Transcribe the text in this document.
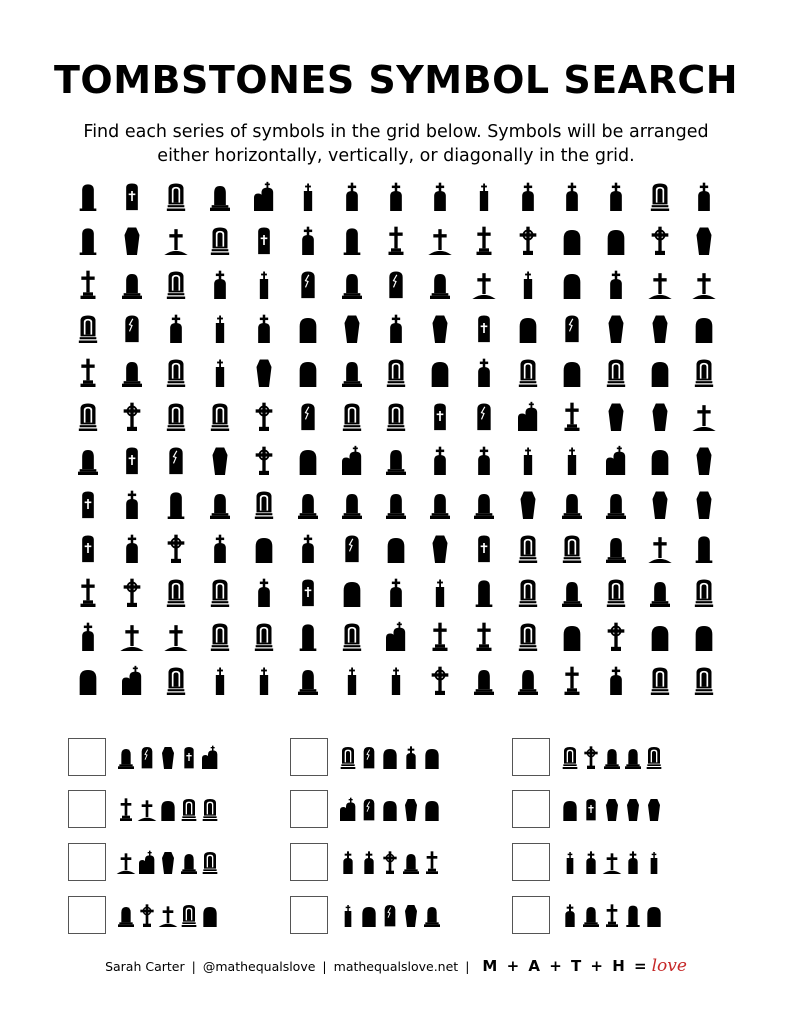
TOMBSTONES SYMBOL SEARCH

Find each series of symbols in the grid below. Symbols will be arranged either horizontally, vertically, or diagonally in the grid.

Sarah Carter | @mathequalslove | mathequalslove.net | M + A + T + H = love
